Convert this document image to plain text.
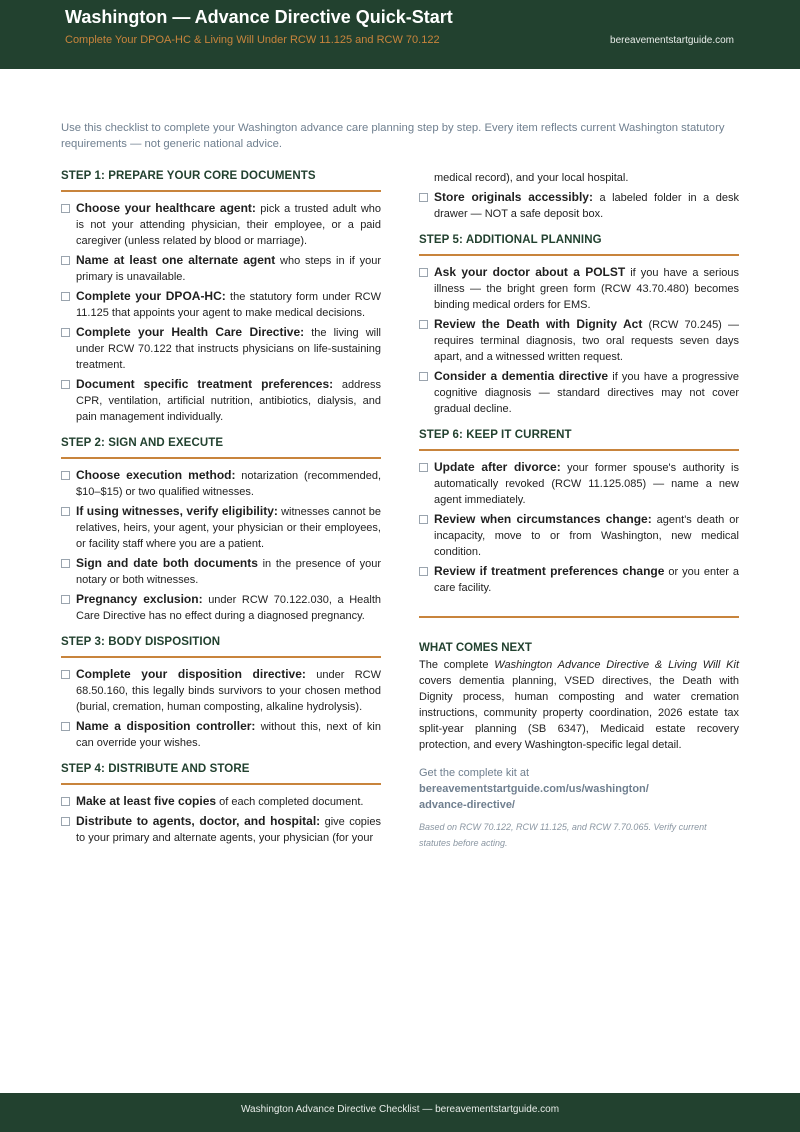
Washington — Advance Directive Quick-Start
Complete Your DPOA-HC & Living Will Under RCW 11.125 and RCW 70.122	bereavementstartguide.com
Use this checklist to complete your Washington advance care planning step by step. Every item reflects current Washington statutory requirements — not generic national advice.
STEP 1: PREPARE YOUR CORE DOCUMENTS
Choose your healthcare agent: pick a trusted adult who is not your attending physician, their employee, or a paid caregiver (unless related by blood or marriage).
Name at least one alternate agent who steps in if your primary is unavailable.
Complete your DPOA-HC: the statutory form under RCW 11.125 that appoints your agent to make medical decisions.
Complete your Health Care Directive: the living will under RCW 70.122 that instructs physicians on life-sustaining treatment.
Document specific treatment preferences: address CPR, ventilation, artificial nutrition, antibiotics, dialysis, and pain management individually.
STEP 2: SIGN AND EXECUTE
Choose execution method: notarization (recommended, $10–$15) or two qualified witnesses.
If using witnesses, verify eligibility: witnesses cannot be relatives, heirs, your agent, your physician or their employees, or facility staff where you are a patient.
Sign and date both documents in the presence of your notary or both witnesses.
Pregnancy exclusion: under RCW 70.122.030, a Health Care Directive has no effect during a diagnosed pregnancy.
STEP 3: BODY DISPOSITION
Complete your disposition directive: under RCW 68.50.160, this legally binds survivors to your chosen method (burial, cremation, human composting, alkaline hydrolysis).
Name a disposition controller: without this, next of kin can override your wishes.
STEP 4: DISTRIBUTE AND STORE
Make at least five copies of each completed document.
Distribute to agents, doctor, and hospital: give copies to your primary and alternate agents, your physician (for your
medical record), and your local hospital.
Store originals accessibly: a labeled folder in a desk drawer — NOT a safe deposit box.
STEP 5: ADDITIONAL PLANNING
Ask your doctor about a POLST if you have a serious illness — the bright green form (RCW 43.70.480) becomes binding medical orders for EMS.
Review the Death with Dignity Act (RCW 70.245) — requires terminal diagnosis, two oral requests seven days apart, and a witnessed written request.
Consider a dementia directive if you have a progressive cognitive diagnosis — standard directives may not cover gradual decline.
STEP 6: KEEP IT CURRENT
Update after divorce: your former spouse's authority is automatically revoked (RCW 11.125.085) — name a new agent immediately.
Review when circumstances change: agent's death or incapacity, move to or from Washington, new medical condition.
Review if treatment preferences change or you enter a care facility.
WHAT COMES NEXT
The complete Washington Advance Directive & Living Will Kit covers dementia planning, VSED directives, the Death with Dignity process, human composting and water cremation instructions, community property coordination, 2026 estate tax split-year planning (SB 6347), Medicaid estate recovery protection, and every Washington-specific legal detail.
Get the complete kit at
bereavementstartguide.com/us/washington/
advance-directive/
Based on RCW 70.122, RCW 11.125, and RCW 7.70.065. Verify current statutes before acting.
Washington Advance Directive Checklist — bereavementstartguide.com
